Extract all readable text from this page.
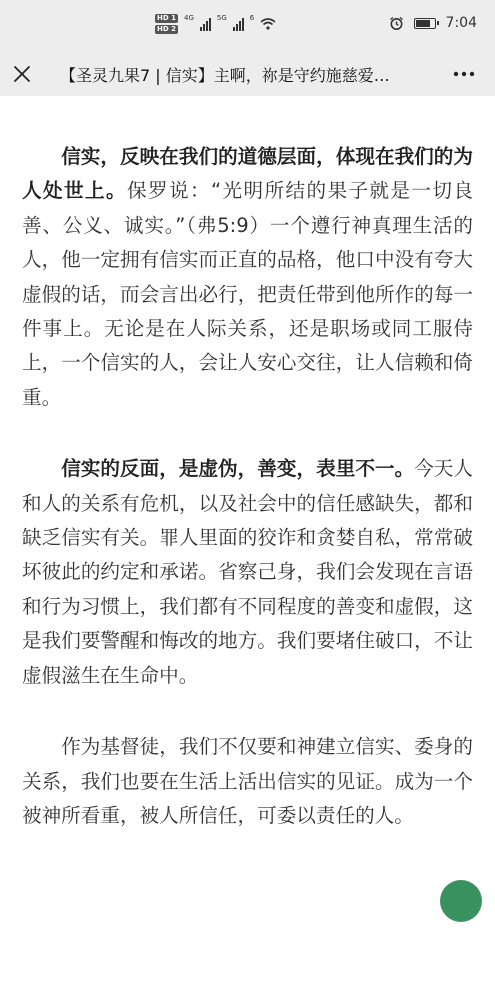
HD 1
HD 2
4G	5G	6	7:04
【圣灵九果7 | 信实】主啊，祢是守约施慈爱…

信实，反映在我们的道德层面，体现在我们的为人处世上。保罗说：“光明所结的果子就是一切良善、公义、诚实。”（弗5:9）一个遵行神真理生活的人，他一定拥有信实而正直的品格，他口中没有夸大虚假的话，而会言出必行，把责任带到他所作的每一件事上。无论是在人际关系，还是职场或同工服侍上，一个信实的人，会让人安心交往，让人信赖和倚重。

信实的反面，是虚伪，善变，表里不一。今天人和人的关系有危机，以及社会中的信任感缺失，都和缺乏信实有关。罪人里面的狡诈和贪婪自私，常常破坏彼此的约定和承诺。省察己身，我们会发现在言语和行为习惯上，我们都有不同程度的善变和虚假，这是我们要警醒和悔改的地方。我们要堵住破口，不让虚假滋生在生命中。

作为基督徒，我们不仅要和神建立信实、委身的关系，我们也要在生活上活出信实的见证。成为一个被神所看重，被人所信任，可委以责任的人。
